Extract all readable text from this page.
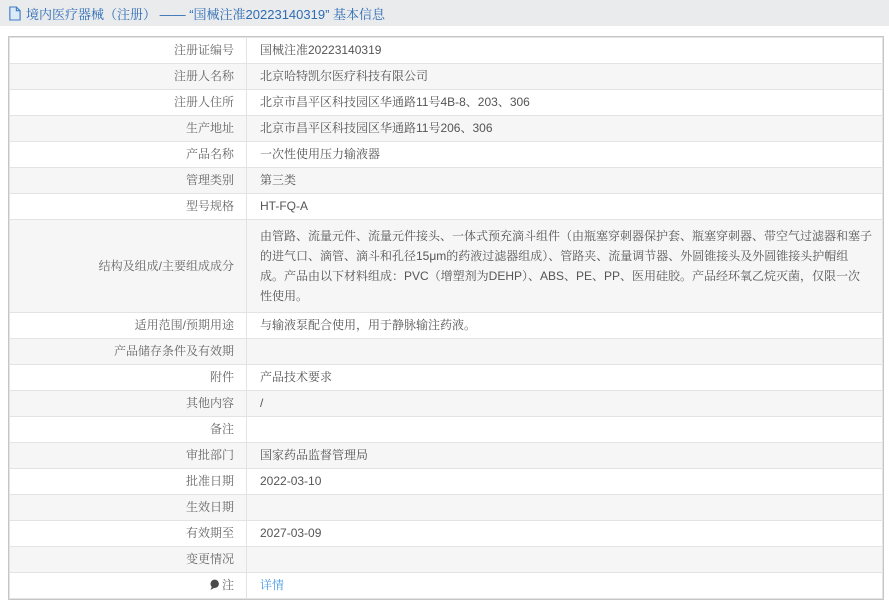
境内医疗器械（注册） —— “国械注准20223140319” 基本信息
注册证编号	国械注准20223140319
注册人名称	北京哈特凯尔医疗科技有限公司
注册人住所	北京市昌平区科技园区华通路11号4B-8、203、306
生产地址	北京市昌平区科技园区华通路11号206、306
产品名称	一次性使用压力输液器
管理类别	第三类
型号规格	HT-FQ-A
结构及组成/主要组成成分	由管路、流量元件、流量元件接头、一体式预充滴斗组件（由瓶塞穿刺器保护套、瓶塞穿刺器、带空气过滤器和塞子的进气口、滴管、滴斗和孔径15μm的药液过滤器组成）、管路夹、流量调节器、外圆锥接头及外圆锥接头护帽组成。产品由以下材料组成：PVC（增塑剂为DEHP）、ABS、PE、PP、医用硅胶。产品经环氧乙烷灭菌，仅限一次性使用。
适用范围/预期用途	与输液泵配合使用，用于静脉输注药液。
产品储存条件及有效期	
附件	产品技术要求
其他内容	/
备注	
审批部门	国家药品监督管理局
批准日期	2022-03-10
生效日期	
有效期至	2027-03-09
变更情况	
注	详情
